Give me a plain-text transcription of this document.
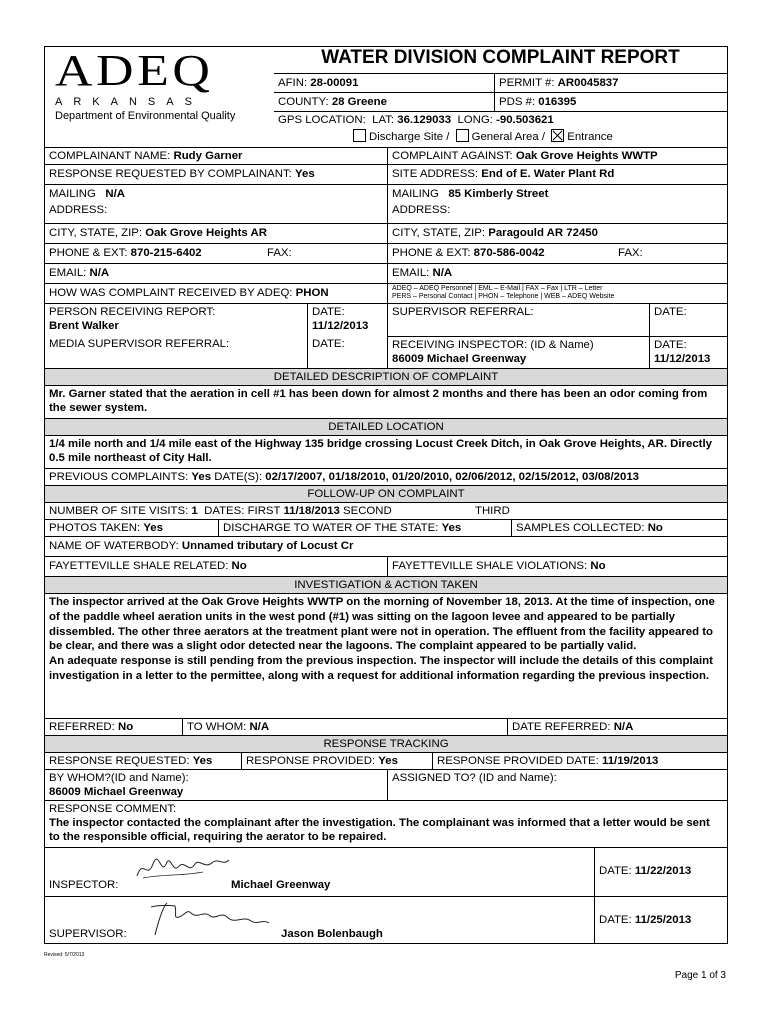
ADEQ
ARKANSAS
Department of Environmental Quality
WATER DIVISION COMPLAINT REPORT
AFIN: 28-00091	PERMIT #: AR0045837
COUNTY: 28 Greene	PDS #: 016395
GPS LOCATION: LAT: 36.129033 LONG: -90.503621
Discharge Site / General Area / Entrance
COMPLAINANT NAME: Rudy Garner	COMPLAINT AGAINST: Oak Grove Heights WWTP
RESPONSE REQUESTED BY COMPLAINANT: Yes	SITE ADDRESS: End of E. Water Plant Rd
MAILING N/A
ADDRESS:
MAILING 85 Kimberly Street
ADDRESS:
CITY, STATE, ZIP: Oak Grove Heights AR	CITY, STATE, ZIP: Paragould AR 72450
PHONE & EXT: 870-215-6402	FAX:	PHONE & EXT: 870-586-0042	FAX:
EMAIL: N/A	EMAIL: N/A
HOW WAS COMPLAINT RECEIVED BY ADEQ: PHON	ADEQ – ADEQ Personnel | EML – E-Mail | FAX – Fax | LTR – Letter
PERS – Personal Contact | PHON – Telephone | WEB – ADEQ Website
PERSON RECEIVING REPORT:
Brent Walker
DATE:
11/12/2013
SUPERVISOR REFERRAL:	DATE:
MEDIA SUPERVISOR REFERRAL:	DATE:	RECEIVING INSPECTOR: (ID & Name)
86009 Michael Greenway
DATE:
11/12/2013
DETAILED DESCRIPTION OF COMPLAINT
Mr. Garner stated that the aeration in cell #1 has been down for almost 2 months and there has been an odor coming from the sewer system.
DETAILED LOCATION
1/4 mile north and 1/4 mile east of the Highway 135 bridge crossing Locust Creek Ditch, in Oak Grove Heights, AR. Directly 0.5 mile northeast of City Hall.
PREVIOUS COMPLAINTS: Yes DATE(S): 02/17/2007, 01/18/2010, 01/20/2010, 02/06/2012, 02/15/2012, 03/08/2013
FOLLOW-UP ON COMPLAINT
NUMBER OF SITE VISITS: 1 DATES: FIRST 11/18/2013 SECOND	THIRD
PHOTOS TAKEN: Yes	DISCHARGE TO WATER OF THE STATE: Yes	SAMPLES COLLECTED: No
NAME OF WATERBODY: Unnamed tributary of Locust Cr
FAYETTEVILLE SHALE RELATED: No	FAYETTEVILLE SHALE VIOLATIONS: No
INVESTIGATION & ACTION TAKEN
The inspector arrived at the Oak Grove Heights WWTP on the morning of November 18, 2013. At the time of inspection, one of the paddle wheel aeration units in the west pond (#1) was sitting on the lagoon levee and appeared to be partially dissembled. The other three aerators at the treatment plant were not in operation. The effluent from the facility appeared to be clear, and there was a slight odor detected near the lagoons. The complaint appeared to be partially valid.
An adequate response is still pending from the previous inspection. The inspector will include the details of this complaint investigation in a letter to the permittee, along with a request for additional information regarding the previous inspection.
REFERRED: No	TO WHOM: N/A	DATE REFERRED: N/A
RESPONSE TRACKING
RESPONSE REQUESTED: Yes	RESPONSE PROVIDED: Yes	RESPONSE PROVIDED DATE: 11/19/2013
BY WHOM?(ID and Name):
86009 Michael Greenway
ASSIGNED TO? (ID and Name):
RESPONSE COMMENT:
The inspector contacted the complainant after the investigation. The complainant was informed that a letter would be sent to the responsible official, requiring the aerator to be repaired.
INSPECTOR:	Michael Greenway
DATE: 11/22/2013
SUPERVISOR:	Jason Bolenbaugh
DATE: 11/25/2013
Revised: 5/7/2013
Page 1 of 3
